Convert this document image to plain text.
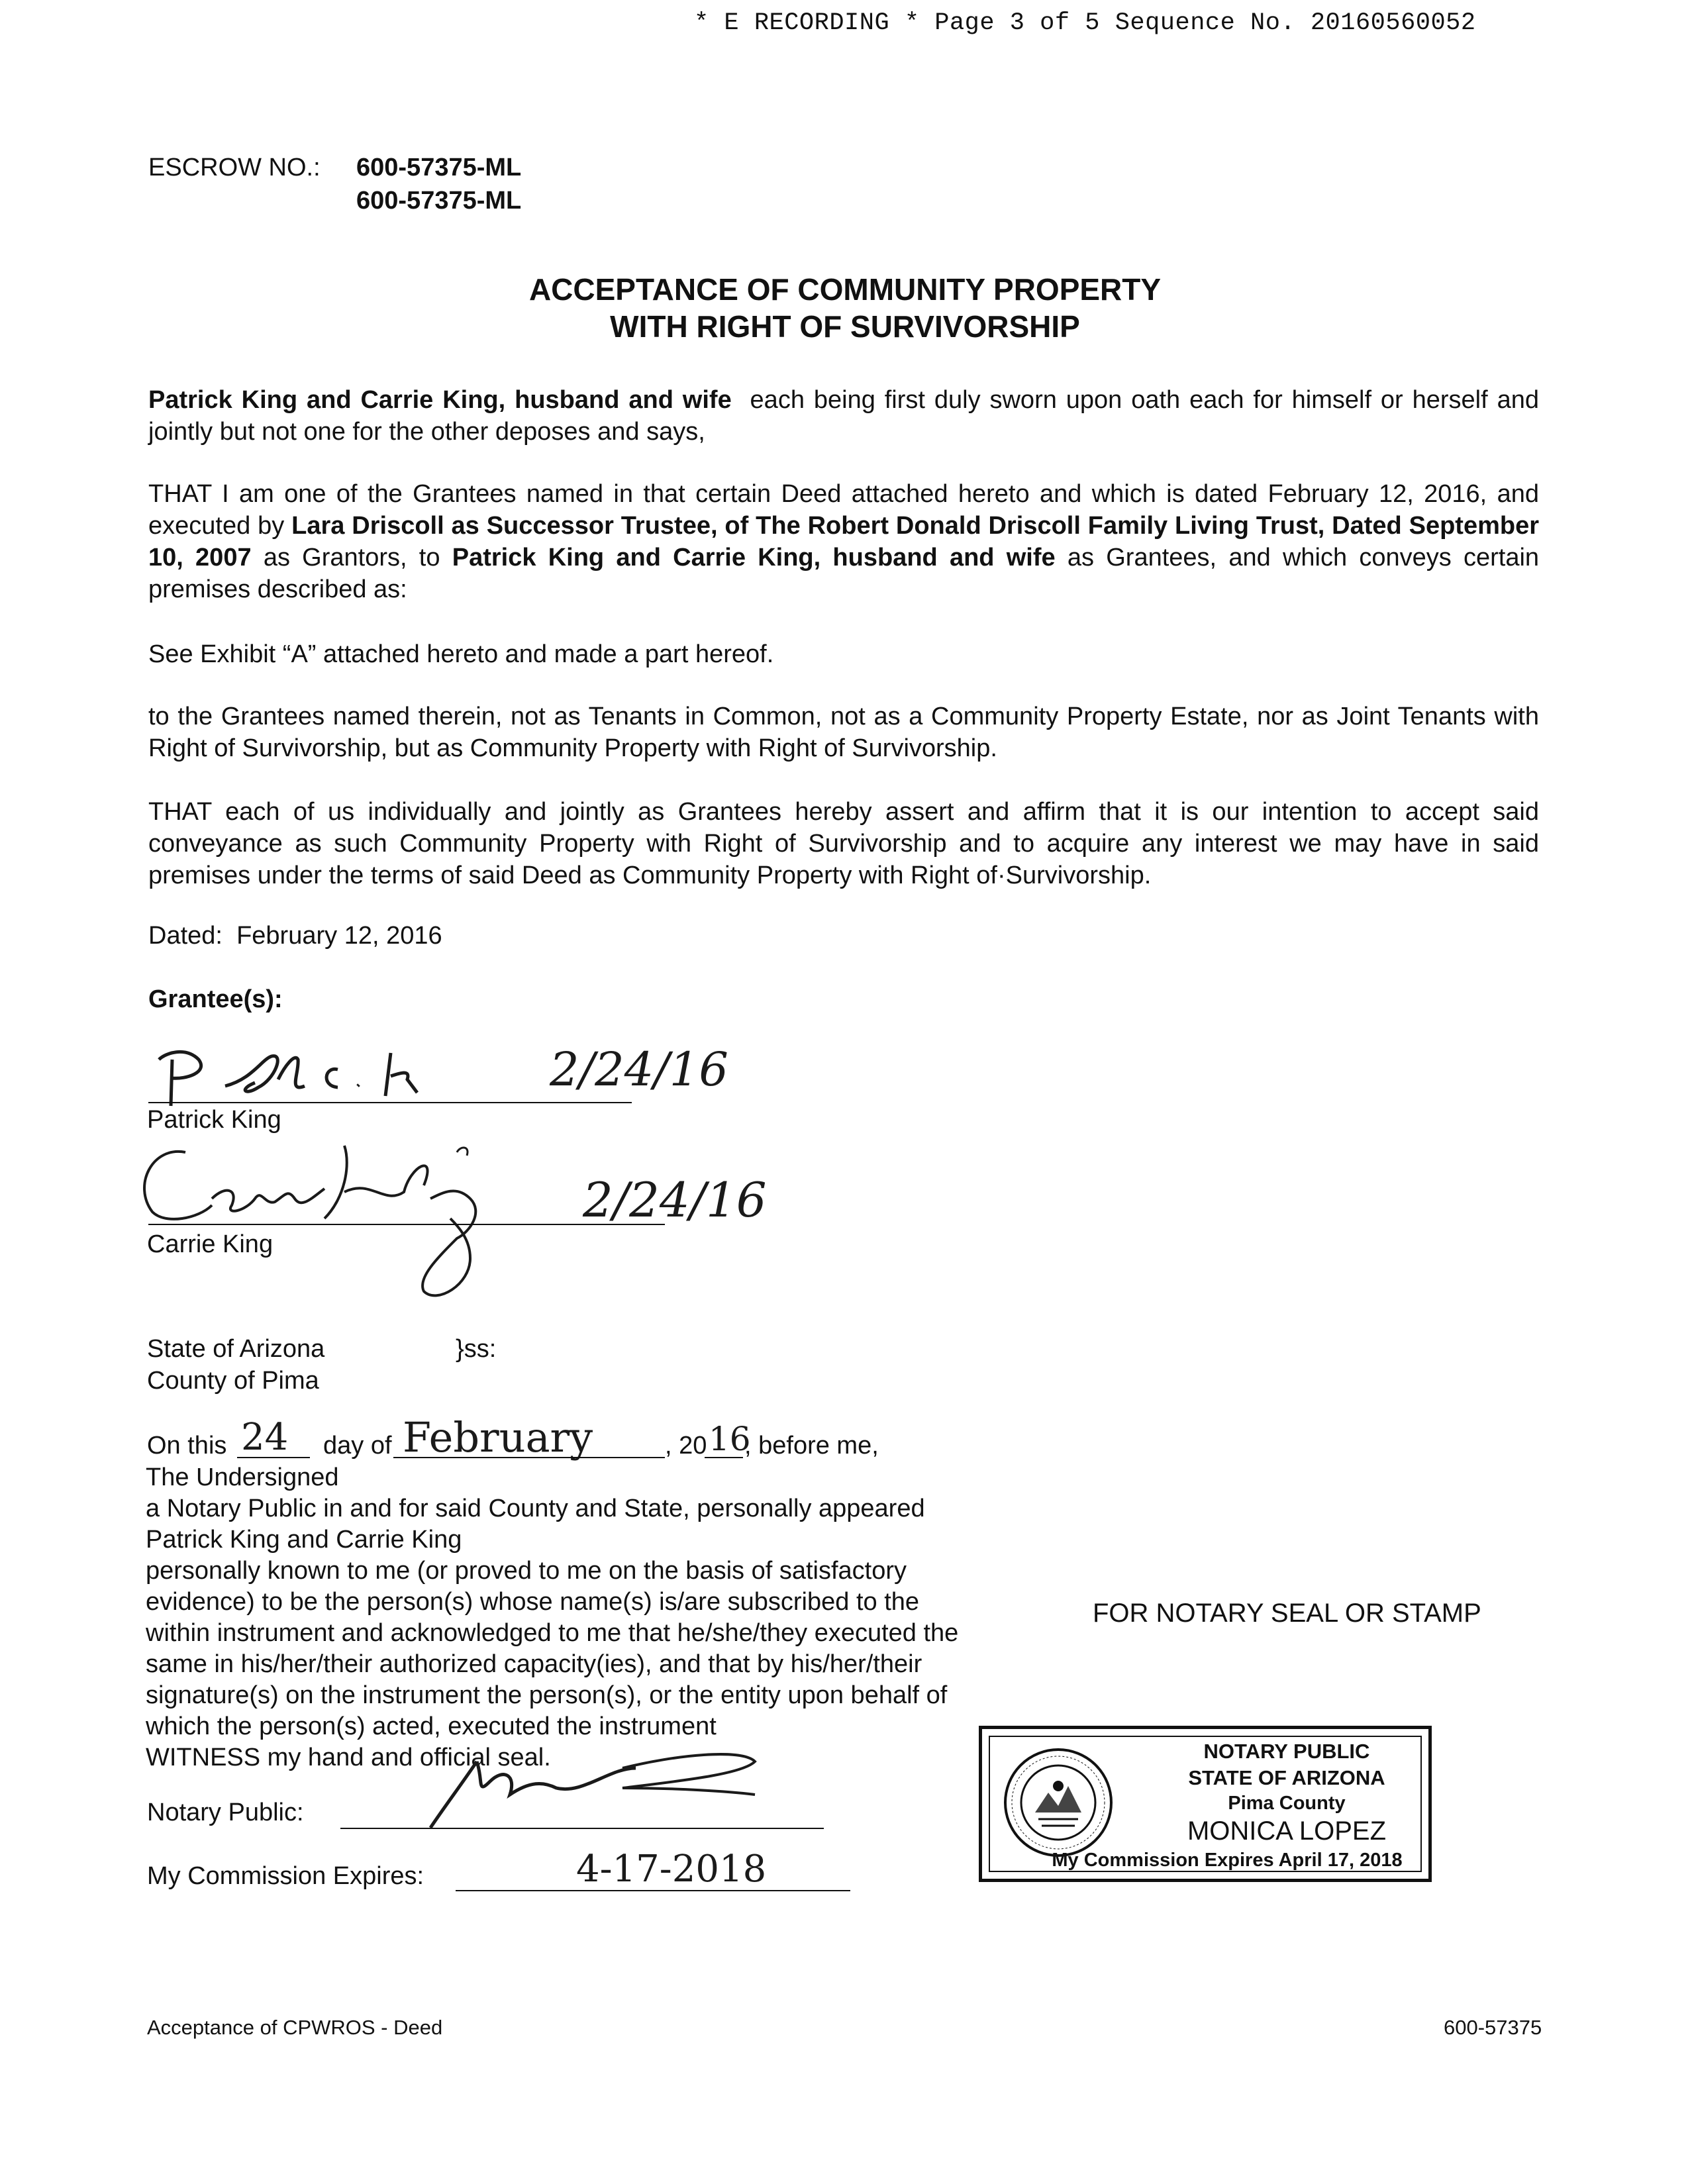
* E RECORDING * Page 3 of 5 Sequence No. 20160560052
ESCROW NO.: 600-57375-ML
600-57375-ML
ACCEPTANCE OF COMMUNITY PROPERTY
WITH RIGHT OF SURVIVORSHIP
Patrick King and Carrie King, husband and wife each being first duly sworn upon oath each for himself or herself and jointly but not one for the other deposes and says,
THAT I am one of the Grantees named in that certain Deed attached hereto and which is dated February 12, 2016, and executed by Lara Driscoll as Successor Trustee, of The Robert Donald Driscoll Family Living Trust, Dated September 10, 2007 as Grantors, to Patrick King and Carrie King, husband and wife as Grantees, and which conveys certain premises described as:
See Exhibit “A” attached hereto and made a part hereof.
to the Grantees named therein, not as Tenants in Common, not as a Community Property Estate, nor as Joint Tenants with Right of Survivorship, but as Community Property with Right of Survivorship.
THAT each of us individually and jointly as Grantees hereby assert and affirm that it is our intention to accept said conveyance as such Community Property with Right of Survivorship and to acquire any interest we may have in said premises under the terms of said Deed as Community Property with Right of·Survivorship.
Dated:  February 12, 2016
Grantee(s):
2/24/16
Patrick King
2/24/16
Carrie King
State of Arizona	}ss:
County of Pima
On this 24 day of February	, 20 16
, before me,
The Undersigned
a Notary Public in and for said County and State, personally appeared
Patrick King and Carrie King
personally known to me (or proved to me on the basis of satisfactory
evidence) to be the person(s) whose name(s) is/are subscribed to the
within instrument and acknowledged to me that he/she/they executed the
same in his/her/their authorized capacity(ies), and that by his/her/their
signature(s) on the instrument the person(s), or the entity upon behalf of
which the person(s) acted, executed the instrument
WITNESS my hand and official seal.
FOR NOTARY SEAL OR STAMP
Notary Public:
My Commission Expires:	4-17-2018
NOTARY PUBLIC
STATE OF ARIZONA
Pima County
MONICA LOPEZ
My Commission Expires April 17, 2018
Acceptance of CPWROS - Deed	600-57375
